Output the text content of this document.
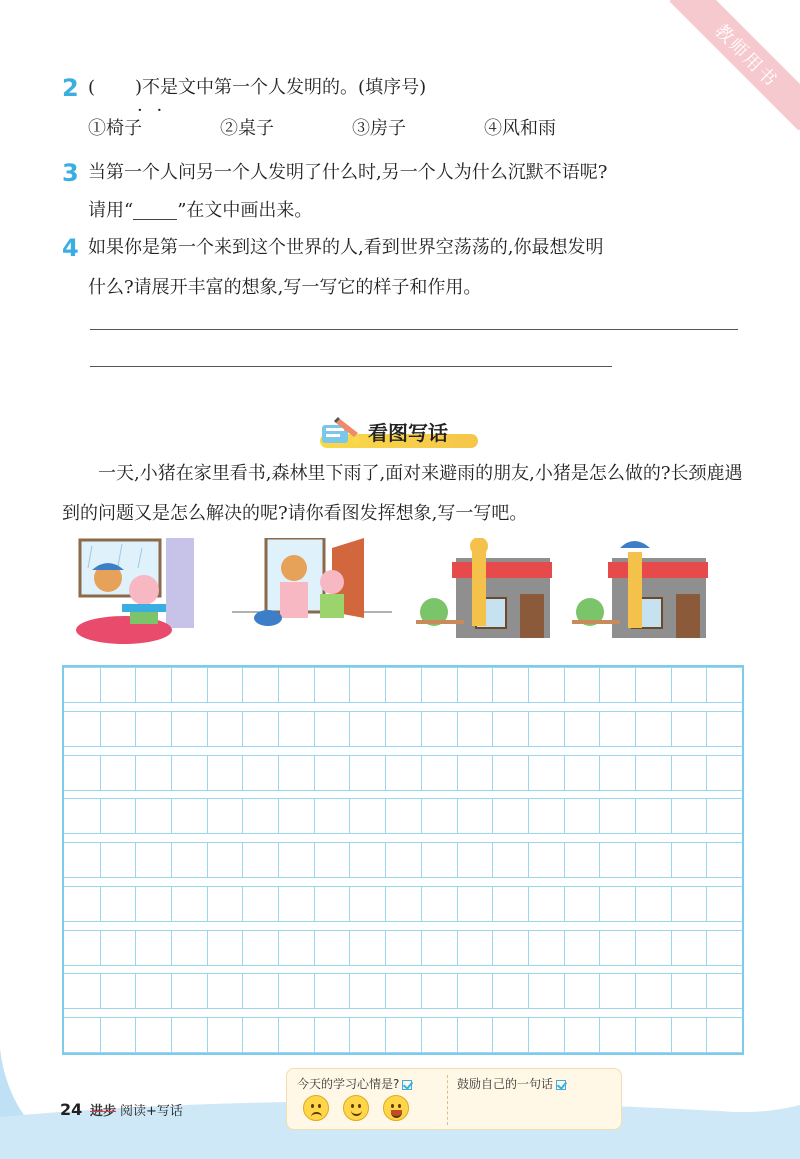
教师用书
2 ( )不是文中第一个人发明的。(填序号) · ·
①椅子	②桌子	③房子	④风和雨
3 当第一个人问另一个人发明了什么时,另一个人为什么沉默不语呢?
请用“ ”在文中画出来。
4 如果你是第一个来到这个世界的人,看到世界空荡荡的,你最想发明
什么?请展开丰富的想象,写一写它的样子和作用。
看图写话
一天,小猪在家里看书,森林里下雨了,面对来避雨的朋友,小猪是怎么做的?长颈鹿遇到的问题又是怎么解决的呢?请你看图发挥想象,写一写吧。
24 进步 阅读+写话
今天的学习心情是?	鼓励自己的一句话
